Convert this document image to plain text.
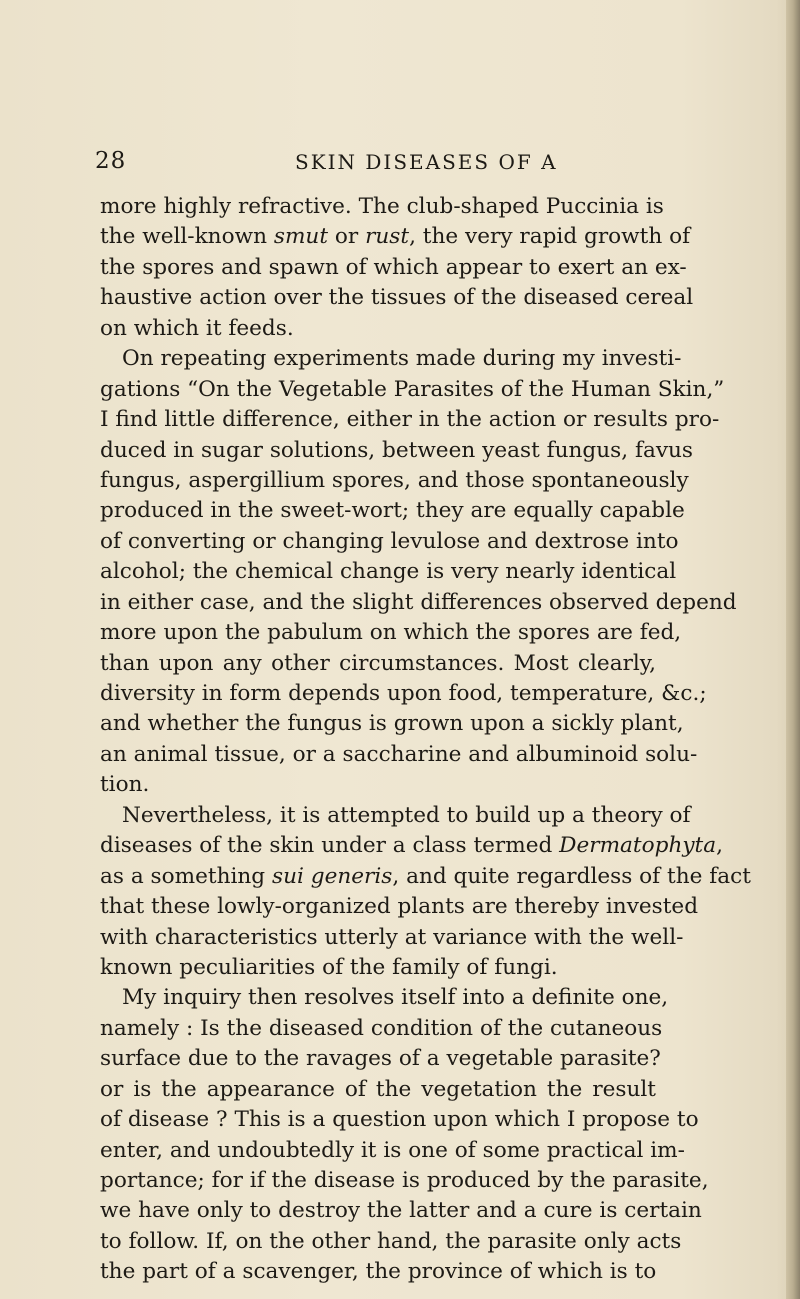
28	SKIN DISEASES OF A
more highly refractive. The club-shaped Puccinia is
the well-known smut or rust, the very rapid growth of
the spores and spawn of which appear to exert an ex-
haustive action over the tissues of the diseased cereal
on which it feeds.
On repeating experiments made during my investi-
gations “On the Vegetable Parasites of the Human Skin,”
I find little difference, either in the action or results pro-
duced in sugar solutions, between yeast fungus, favus
fungus, aspergillium spores, and those spontaneously
produced in the sweet-wort; they are equally capable
of converting or changing levulose and dextrose into
alcohol; the chemical change is very nearly identical
in either case, and the slight differences observed depend
more upon the pabulum on which the spores are fed,
than upon any other circumstances. Most clearly,
diversity in form depends upon food, temperature, &c.;
and whether the fungus is grown upon a sickly plant,
an animal tissue, or a saccharine and albuminoid solu-
tion.
Nevertheless, it is attempted to build up a theory of
diseases of the skin under a class termed Dermatophyta,
as a something sui generis, and quite regardless of the fact
that these lowly-organized plants are thereby invested
with characteristics utterly at variance with the well-
known peculiarities of the family of fungi.
My inquiry then resolves itself into a definite one,
namely : Is the diseased condition of the cutaneous
surface due to the ravages of a vegetable parasite?
or is the appearance of the vegetation the result
of disease ? This is a question upon which I propose to
enter, and undoubtedly it is one of some practical im-
portance; for if the disease is produced by the parasite,
we have only to destroy the latter and a cure is certain
to follow. If, on the other hand, the parasite only acts
the part of a scavenger, the province of which is to
